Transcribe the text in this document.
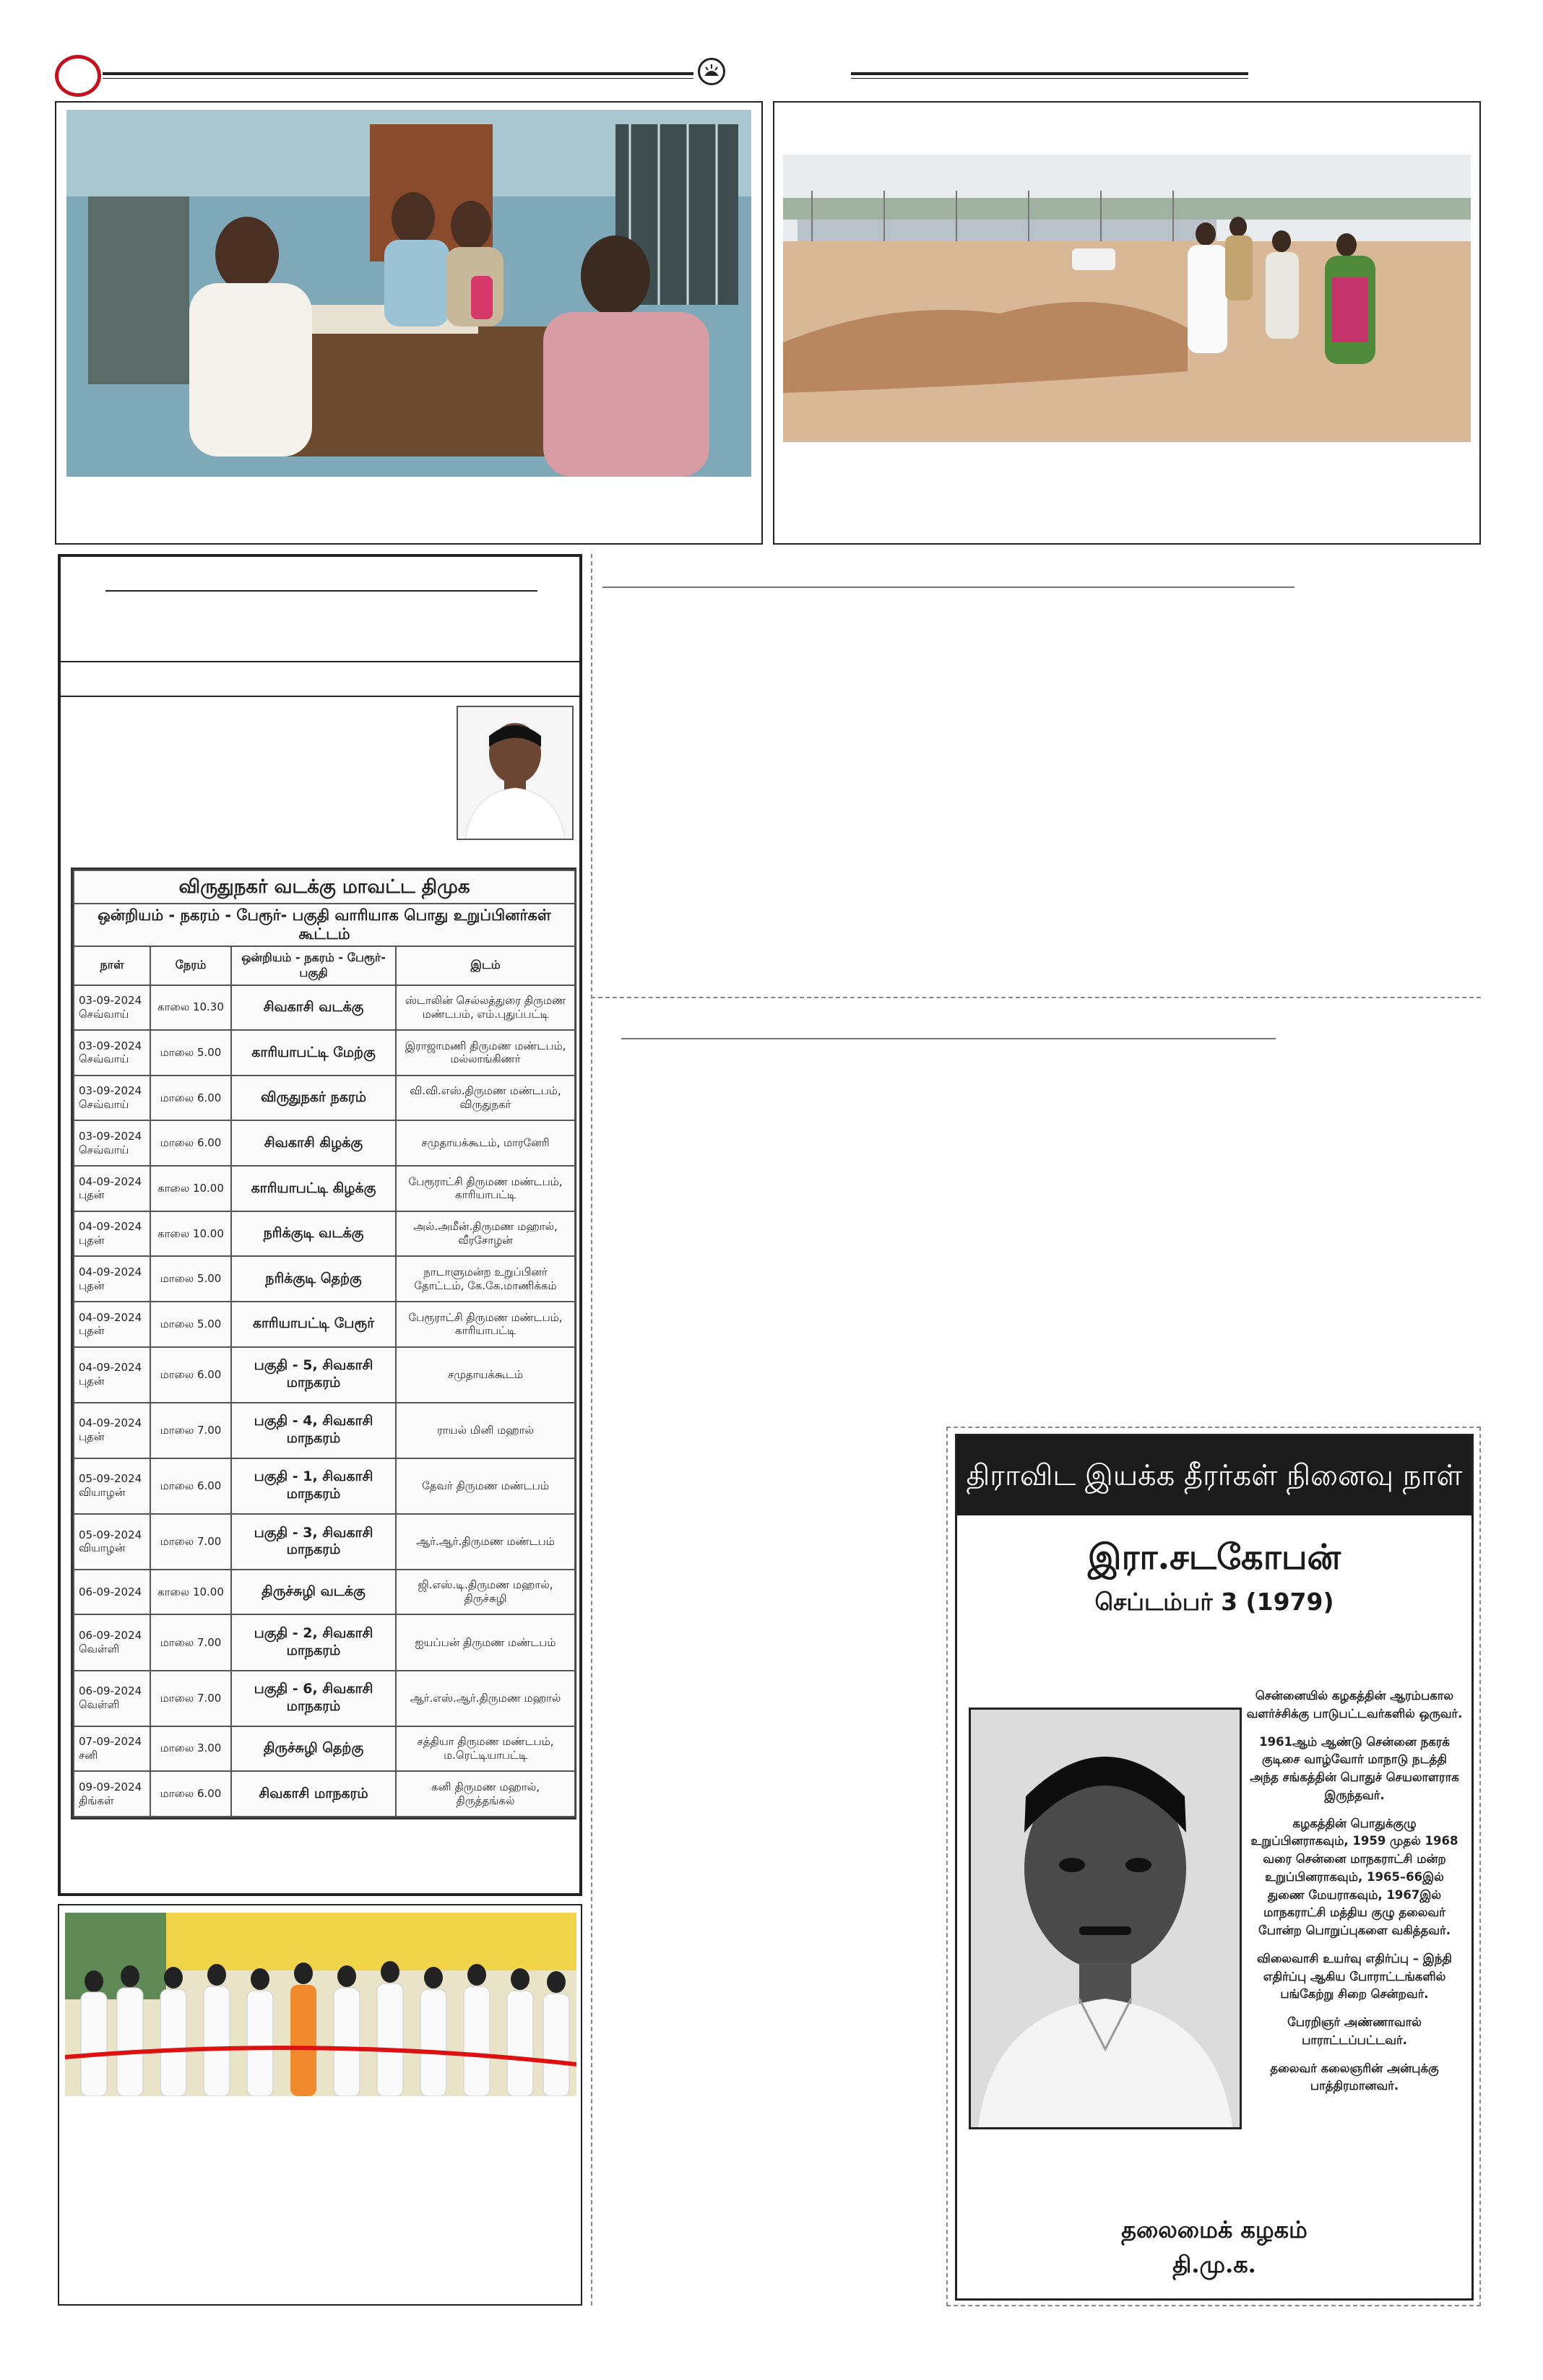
விருதுநகர் வடக்கு மாவட்ட திமுக			
ஒன்றியம் - நகரம் - பேரூர்- பகுதி வாரியாக பொது உறுப்பினர்கள் கூட்டம்			
நாள்	நேரம்	ஒன்றியம் - நகரம் - பேரூர்- பகுதி	இடம்

03-09-2024
செவ்வாய்	காலை 10.30	சிவகாசி வடக்கு	ஸ்டாலின் செல்லத்துரை திருமண மண்டபம், எம்.புதுப்பட்டி

03-09-2024
செவ்வாய்	மாலை 5.00	காரியாபட்டி மேற்கு	இராஜாமணி திருமண மண்டபம், மல்லாங்கிணர்

03-09-2024
செவ்வாய்	மாலை 6.00	விருதுநகர் நகரம்	வி.வி.எஸ்.திருமண மண்டபம், விருதுநகர்

03-09-2024
செவ்வாய்	மாலை 6.00	சிவகாசி கிழக்கு	சமுதாயக்கூடம், மாரனேரி

04-09-2024
புதன்	காலை 10.00	காரியாபட்டி கிழக்கு	பேரூராட்சி திருமண மண்டபம், காரியாபட்டி

04-09-2024
புதன்	காலை 10.00	நரிக்குடி வடக்கு	அல்.அமீன்.திருமண மஹால், வீரசோழன்

04-09-2024
புதன்	மாலை 5.00	நரிக்குடி தெற்கு	நாடாளுமன்ற உறுப்பினர் தோட்டம், கே.கே.மாணிக்கம்

04-09-2024
புதன்	மாலை 5.00	காரியாபட்டி பேரூர்	பேரூராட்சி திருமண மண்டபம், காரியாபட்டி

04-09-2024
புதன்	மாலை 6.00	பகுதி - 5, சிவகாசி மாநகரம்	சமுதாயக்கூடம்

04-09-2024
புதன்	மாலை 7.00	பகுதி - 4, சிவகாசி மாநகரம்	ராயல் மினி மஹால்

05-09-2024
வியாழன்	மாலை 6.00	பகுதி - 1, சிவகாசி மாநகரம்	தேவர் திருமண மண்டபம்

05-09-2024
வியாழன்	மாலை 7.00	பகுதி - 3, சிவகாசி மாநகரம்	ஆர்.ஆர்.திருமண மண்டபம்

06-09-2024	காலை 10.00	திருச்சுழி வடக்கு	ஜி.எஸ்.டி.திருமண மஹால், திருச்சுழி

06-09-2024
வெள்ளி	மாலை 7.00	பகுதி - 2, சிவகாசி மாநகரம்	ஐயப்பன் திருமண மண்டபம்

06-09-2024
வெள்ளி	மாலை 7.00	பகுதி - 6, சிவகாசி மாநகரம்	ஆர்.எஸ்.ஆர்.திருமண மஹால்

07-09-2024
சனி	மாலை 3.00	திருச்சுழி தெற்கு	சத்தியா திருமண மண்டபம், ம.ரெட்டியாபட்டி

09-09-2024
திங்கள்	மாலை 6.00	சிவகாசி மாநகரம்	கனி திருமண மஹால், திருத்தங்கல்
திராவிட இயக்க தீரர்கள் நினைவு நாள்
இரா.சடகோபன்
செப்டம்பர் 3 (1979)

சென்னையில் கழகத்தின் ஆரம்பகால வளர்ச்சிக்கு பாடுபட்டவர்களில் ஒருவர்.

1961ஆம் ஆண்டு சென்னை நகரக் குடிசை வாழ்வோர் மாநாடு நடத்தி அந்த சங்கத்தின் பொதுச் செயலாளராக இருந்தவர்.

கழகத்தின் பொதுக்குழு உறுப்பினராகவும், 1959 முதல் 1968 வரை சென்னை மாநகராட்சி மன்ற உறுப்பினராகவும், 1965–66இல் துணை மேயராகவும், 1967இல் மாநகராட்சி மத்திய குழு தலைவர் போன்ற பொறுப்புகளை வகித்தவர்.

விலைவாசி உயர்வு எதிர்ப்பு – இந்தி எதிர்ப்பு ஆகிய போராட்டங்களில் பங்கேற்று சிறை சென்றவர்.

பேரறிஞர் அண்ணாவால் பாராட்டப்பட்டவர்.

தலைவர் கலைஞரின் அன்புக்கு பாத்திரமானவர்.

தலைமைக் கழகம்
தி.மு.க.
